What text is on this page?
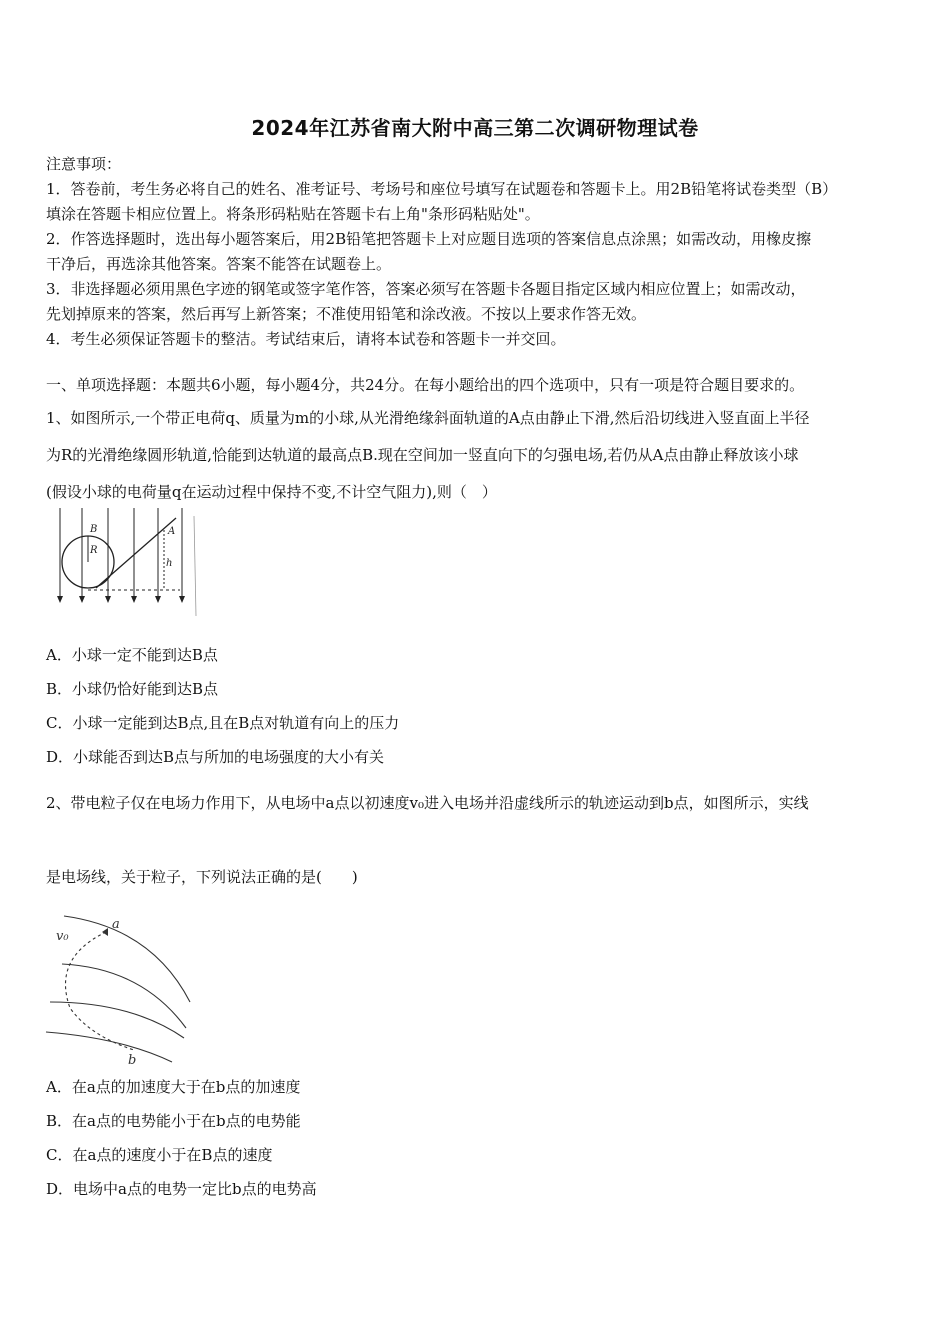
2024年江苏省南大附中高三第二次调研物理试卷

注意事项：

1．答卷前，考生务必将自己的姓名、准考证号、考场号和座位号填写在试题卷和答题卡上。用2B铅笔将试卷类型（B）

填涂在答题卡相应位置上。将条形码粘贴在答题卡右上角"条形码粘贴处"。

2．作答选择题时，选出每小题答案后，用2B铅笔把答题卡上对应题目选项的答案信息点涂黑；如需改动，用橡皮擦

干净后，再选涂其他答案。答案不能答在试题卷上。

3．非选择题必须用黑色字迹的钢笔或签字笔作答，答案必须写在答题卡各题目指定区域内相应位置上；如需改动，

先划掉原来的答案，然后再写上新答案；不准使用铅笔和涂改液。不按以上要求作答无效。

4．考生必须保证答题卡的整洁。考试结束后，请将本试卷和答题卡一并交回。

一、单项选择题：本题共6小题，每小题4分，共24分。在每小题给出的四个选项中，只有一项是符合题目要求的。

1、如图所示,一个带正电荷q、质量为m的小球,从光滑绝缘斜面轨道的A点由静止下滑,然后沿切线进入竖直面上半径

为R的光滑绝缘圆形轨道,恰能到达轨道的最高点B.现在空间加一竖直向下的匀强电场,若仍从A点由静止释放该小球

(假设小球的电荷量q在运动过程中保持不变,不计空气阻力),则（　）

B
R
A
h
A．小球一定不能到达B点
B．小球仍恰好能到达B点
C．小球一定能到达B点,且在B点对轨道有向上的压力
D．小球能否到达B点与所加的电场强度的大小有关
2、带电粒子仅在电场力作用下，从电场中a点以初速度v₀进入电场并沿虚线所示的轨迹运动到b点，如图所示，实线
是电场线，关于粒子，下列说法正确的是(　　)
a
b
v₀
A．在a点的加速度大于在b点的加速度
B．在a点的电势能小于在b点的电势能
C．在a点的速度小于在B点的速度
D．电场中a点的电势一定比b点的电势高
